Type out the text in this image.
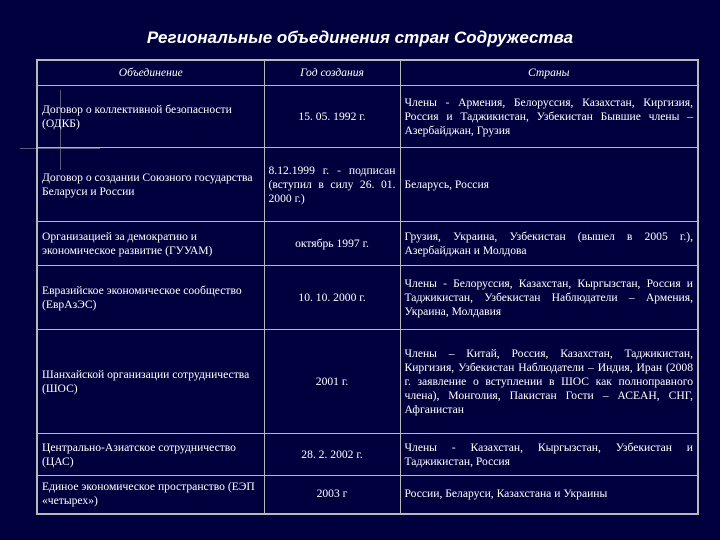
Региональные объединения стран Содружества
Объединение	Год создания	Страны
Договор о коллективной безопасности (ОДКБ)	15. 05. 1992 г.	Члены - Армения, Белоруссия, Казахстан, Киргизия, Россия и Таджикистан, Узбекистан Бывшие члены – Азербайджан, Грузия
Договор о создании Союзного государства Беларуси и России	8.12.1999 г. - подписан (вступил в силу 26. 01. 2000 г.)	Беларусь, Россия
Организацией за демократию и экономическое развитие (ГУУАМ)	октябрь 1997 г.	Грузия, Украина, Узбекистан (вышел в 2005 г.), Азербайджан и Молдова
Евразийское экономическое сообщество (ЕврАзЭС)	10. 10. 2000 г.	Члены - Белоруссия, Казахстан, Кыргызстан, Россия и Таджикистан, Узбекистан Наблюдатели – Армения, Украина, Молдавия
Шанхайской организации сотрудничества (ШОС)	2001 г.	Члены – Китай, Россия, Казахстан, Таджикистан, Киргизия, Узбекистан Наблюдатели – Индия, Иран (2008 г. заявление о вступлении в ШОС как полноправного члена), Монголия, Пакистан Гости – АСЕАН, СНГ, Афганистан
Центрально-Азиатское сотрудничество (ЦАС)	28. 2. 2002 г.	Члены - Казахстан, Кыргызстан, Узбекистан и Таджикистан, Россия
Единое экономическое пространство (ЕЭП «четырех»)	2003 г	России, Беларуси, Казахстана и Украины
